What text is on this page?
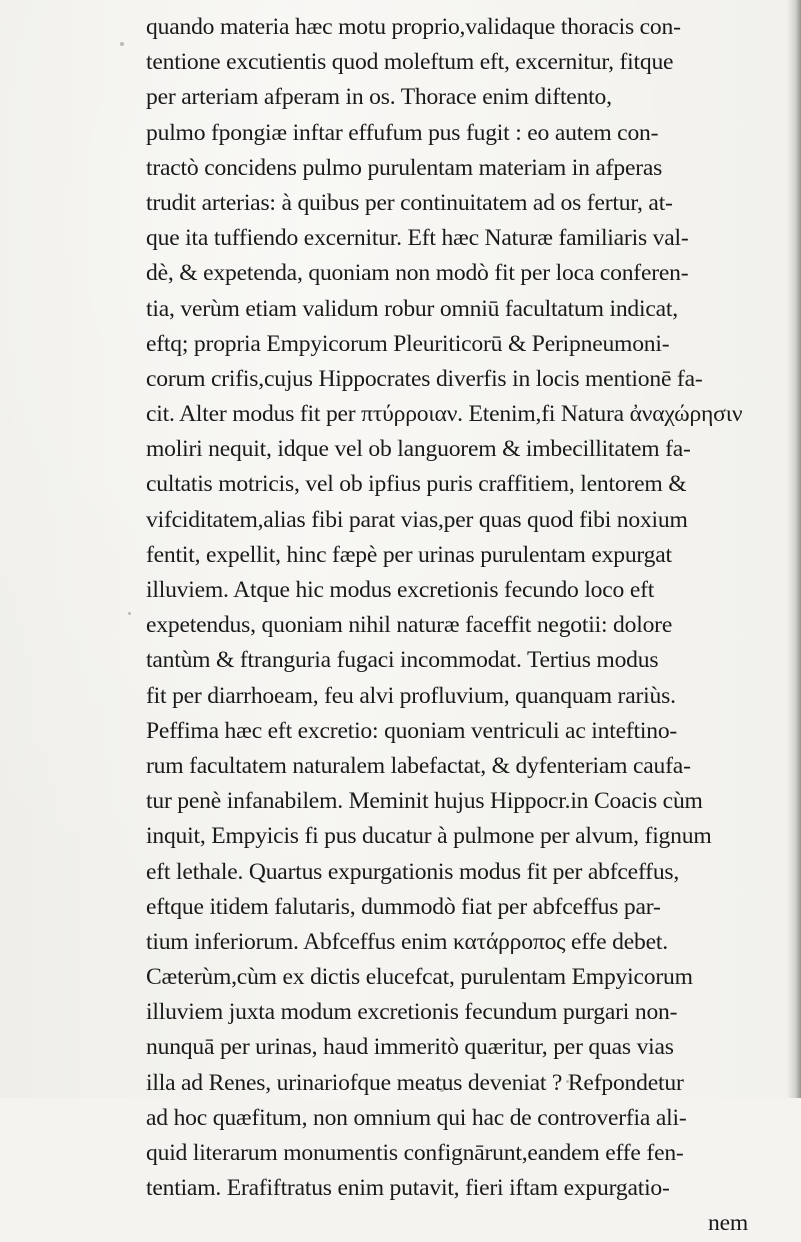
quando materia hæc motu proprio,validaque thoracis con-
tentione excutientis quod moleftum eft, excernitur, fitque
per arteriam afperam in os. Thorace enim diftento,
pulmo fpongiæ inftar effufum pus fugit : eo autem con-
tractò concidens pulmo purulentam materiam in afperas
trudit arterias: à quibus per continuitatem ad os fertur, at-
que ita tuffiendo excernitur. Eft hæc Naturæ familiaris val-
dè, & expetenda, quoniam non modò fit per loca conferen-
tia, verùm etiam validum robur omniū facultatum indicat,
eftq; propria Empyicorum Pleuriticorū & Peripneumoni-
corum crifis,cujus Hippocrates diverfis in locis mentionē fa-
cit. Alter modus fit per πτύρροιαν. Etenim,fi Natura ἀναχώρησιν
moliri nequit, idque vel ob languorem & imbecillitatem fa-
cultatis motricis, vel ob ipfius puris craffitiem, lentorem &
vifciditatem,alias fibi parat vias,per quas quod fibi noxium
fentit, expellit, hinc fæpè per urinas purulentam expurgat
illuviem. Atque hic modus excretionis fecundo loco eft
expetendus, quoniam nihil naturæ faceffit negotii: dolore
tantùm & ftranguria fugaci incommodat. Tertius modus
fit per diarrhoeam, feu alvi profluvium, quanquam rariùs.
Peffima hæc eft excretio: quoniam ventriculi ac inteftino-
rum facultatem naturalem labefactat, & dyfenteriam caufa-
tur penè infanabilem. Meminit hujus Hippocr.in Coacis cùm
inquit, Empyicis fi pus ducatur à pulmone per alvum, fignum
eft lethale. Quartus expurgationis modus fit per abfceffus,
eftque itidem falutaris, dummodò fiat per abfceffus par-
tium inferiorum. Abfceffus enim κατάρροπος effe debet.
Cæterùm,cùm ex dictis elucefcat, purulentam Empyicorum
illuviem juxta modum excretionis fecundum purgari non-
nunquā per urinas, haud immeritò quæritur, per quas vias
illa ad Renes, urinariofque meatus deveniat ? Refpondetur
ad hoc quæfitum, non omnium qui hac de controverfia ali-
quid literarum monumentis confignārunt,eandem effe fen-
tentiam. Erafiftratus enim putavit, fieri iftam expurgatio-
nem
